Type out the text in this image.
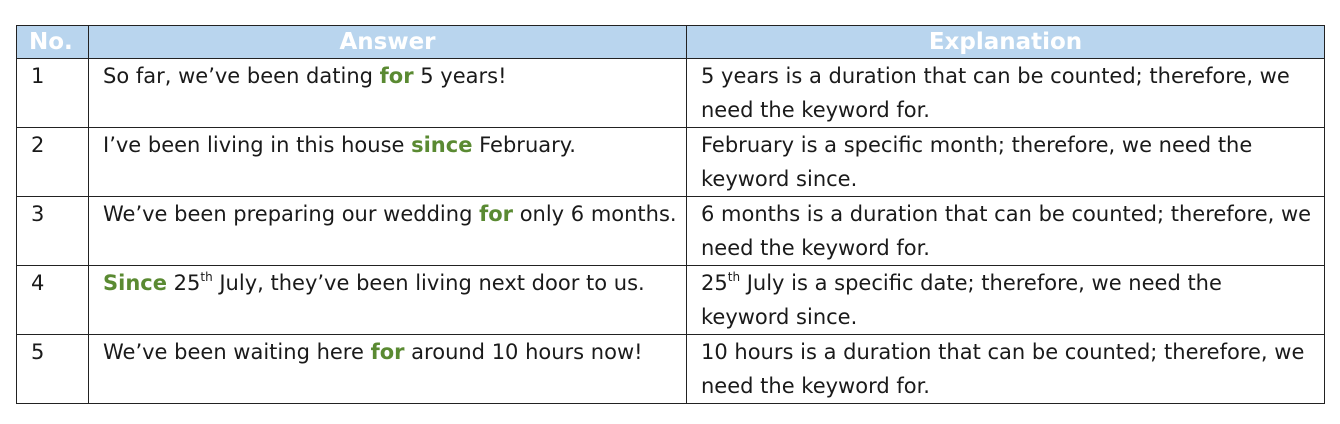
No.	Answer	Explanation
1	So far, we’ve been dating for 5 years!	5 years is a duration that can be counted; therefore, we need the keyword for.
2	I’ve been living in this house since February.	February is a specific month; therefore, we need the keyword since.
3	We’ve been preparing our wedding for only 6 months.	6 months is a duration that can be counted; therefore, we need the keyword for.
4	Since 25th July, they’ve been living next door to us.	25th July is a specific date; therefore, we need the keyword since.
5	We’ve been waiting here for around 10 hours now!	10 hours is a duration that can be counted; therefore, we need the keyword for.
